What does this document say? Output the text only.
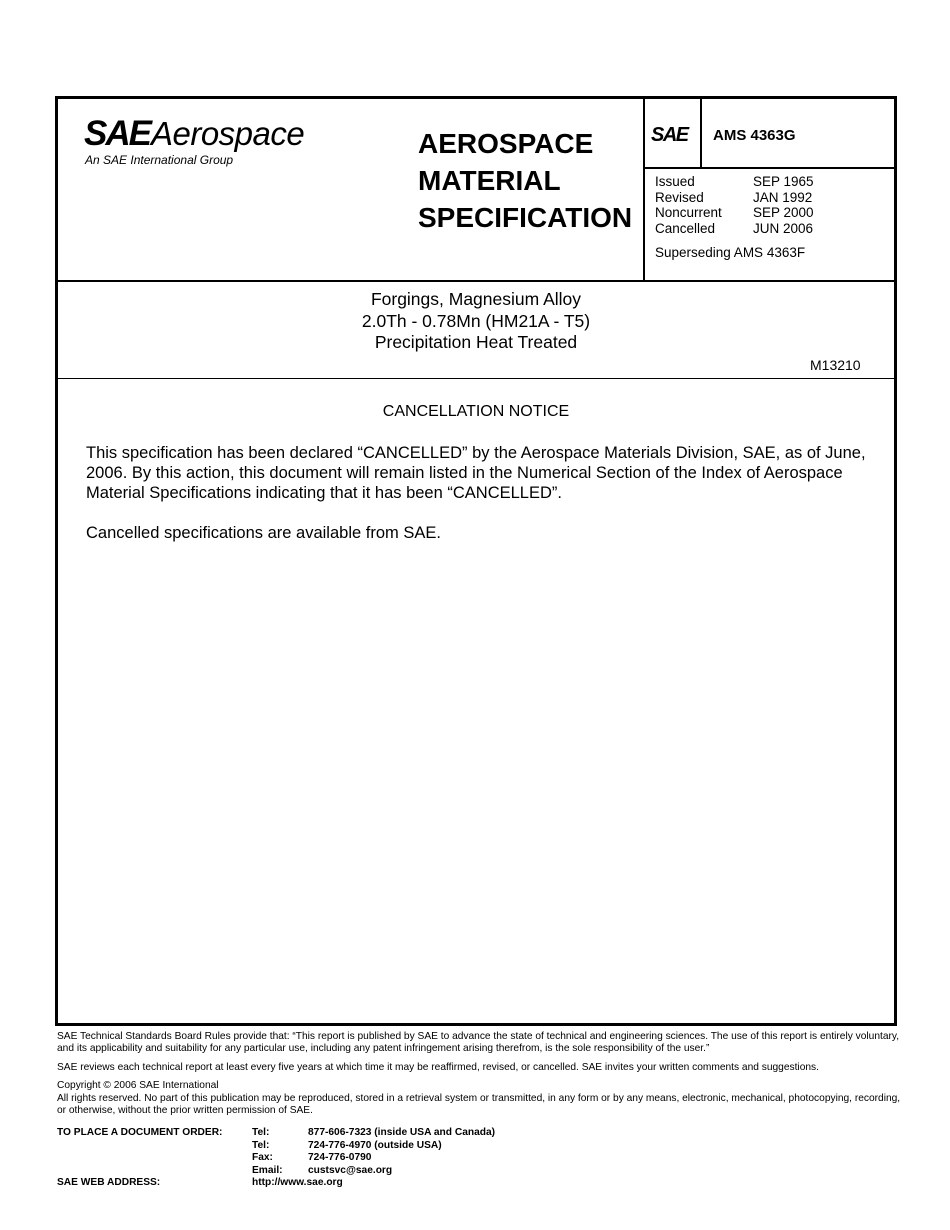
SAEAerospace
An SAE International Group
AEROSPACE
MATERIAL
SPECIFICATION
SAE AMS 4363G
Issued	SEP 1965
Revised	JAN 1992
Noncurrent	SEP 2000
Cancelled	JUN 2006
Superseding AMS 4363F
Forgings, Magnesium Alloy
2.0Th - 0.78Mn (HM21A - T5)
Precipitation Heat Treated
M13210
CANCELLATION NOTICE

This specification has been declared “CANCELLED” by the Aerospace Materials Division, SAE, as of June, 2006. By this action, this document will remain listed in the Numerical Section of the Index of Aerospace Material Specifications indicating that it has been “CANCELLED”.

Cancelled specifications are available from SAE.

SAE Technical Standards Board Rules provide that: “This report is published by SAE to advance the state of technical and engineering sciences. The use of this report is entirely voluntary, and its applicability and suitability for any particular use, including any patent infringement arising therefrom, is the sole responsibility of the user.”

SAE reviews each technical report at least every five years at which time it may be reaffirmed, revised, or cancelled. SAE invites your written comments and suggestions.

Copyright © 2006 SAE International

All rights reserved. No part of this publication may be reproduced, stored in a retrieval system or transmitted, in any form or by any means, electronic, mechanical, photocopying, recording, or otherwise, without the prior written permission of SAE.

TO PLACE A DOCUMENT ORDER:	Tel:	877-606-7323 (inside USA and Canada)
Tel:	724-776-4970 (outside USA)
Fax:	724-776-0790
Email:	custsvc@sae.org
SAE WEB ADDRESS:	http://www.sae.org
